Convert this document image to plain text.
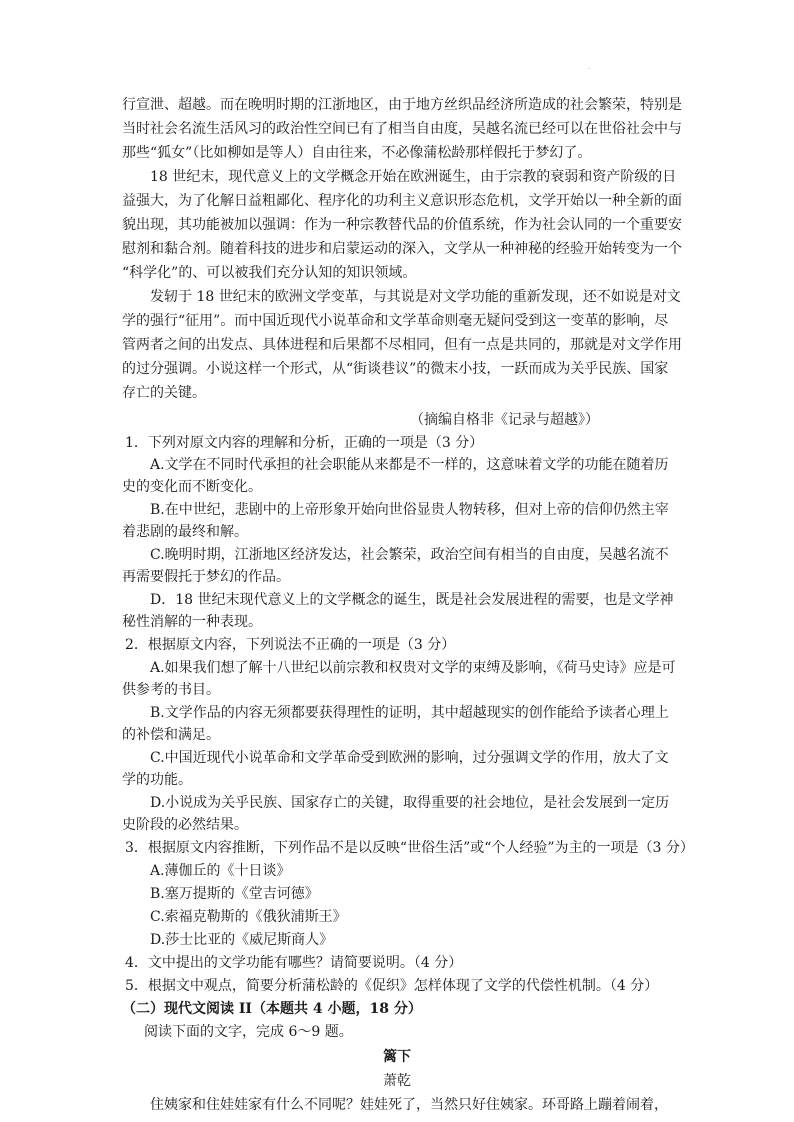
·
行宣泄、超越。而在晚明时期的江浙地区，由于地方丝织品经济所造成的社会繁荣，特别是
当时社会名流生活风习的政治性空间已有了相当自由度，吴越名流已经可以在世俗社会中与
那些“狐女”（比如柳如是等人）自由往来，不必像蒲松龄那样假托于梦幻了。
18 世纪末，现代意义上的文学概念开始在欧洲诞生，由于宗教的衰弱和资产阶级的日
益强大，为了化解日益粗鄙化、程序化的功利主义意识形态危机，文学开始以一种全新的面
貌出现，其功能被加以强调：作为一种宗教替代品的价值系统，作为社会认同的一个重要安
慰剂和黏合剂。随着科技的进步和启蒙运动的深入，文学从一种神秘的经验开始转变为一个
“科学化”的、可以被我们充分认知的知识领域。
发轫于 18 世纪末的欧洲文学变革，与其说是对文学功能的重新发现，还不如说是对文
学的强行“征用”。而中国近现代小说革命和文学革命则毫无疑问受到这一变革的影响，尽
管两者之间的出发点、具体进程和后果都不尽相同，但有一点是共同的，那就是对文学作用
的过分强调。小说这样一个形式，从“街谈巷议”的微末小技，一跃而成为关乎民族、国家
存亡的关键。
（摘编自格非《记录与超越》）
1．下列对原文内容的理解和分析，正确的一项是（3 分）
A.文学在不同时代承担的社会职能从来都是不一样的，这意味着文学的功能在随着历
史的变化而不断变化。
B.在中世纪，悲剧中的上帝形象开始向世俗显贵人物转移，但对上帝的信仰仍然主宰
着悲剧的最终和解。
C.晚明时期，江浙地区经济发达，社会繁荣，政治空间有相当的自由度，吴越名流不
再需要假托于梦幻的作品。
D．18 世纪末现代意义上的文学概念的诞生，既是社会发展进程的需要，也是文学神
秘性消解的一种表现。
2．根据原文内容，下列说法不正确的一项是（3 分）
A.如果我们想了解十八世纪以前宗教和权贵对文学的束缚及影响，《荷马史诗》应是可
供参考的书目。
B.文学作品的内容无须都要获得理性的证明，其中超越现实的创作能给予读者心理上
的补偿和满足。
C.中国近现代小说革命和文学革命受到欧洲的影响，过分强调文学的作用，放大了文
学的功能。
D.小说成为关乎民族、国家存亡的关键，取得重要的社会地位，是社会发展到一定历
史阶段的必然结果。
3．根据原文内容推断，下列作品不是以反映“世俗生活”或“个人经验”为主的一项是（3 分）
A.薄伽丘的《十日谈》
B.塞万提斯的《堂吉诃德》
C.索福克勒斯的《俄狄浦斯王》
D.莎士比亚的《威尼斯商人》
4．文中提出的文学功能有哪些？请简要说明。（4 分）
5．根据文中观点，简要分析蒲松龄的《促织》怎样体现了文学的代偿性机制。（4 分）
（二）现代文阅读 II（本题共 4 小题，18 分）
阅读下面的文字，完成 6～9 题。
篱下
萧乾
住姨家和住娃娃家有什么不同呢？娃娃死了，当然只好住姨家。环哥路上蹦着闹着，
